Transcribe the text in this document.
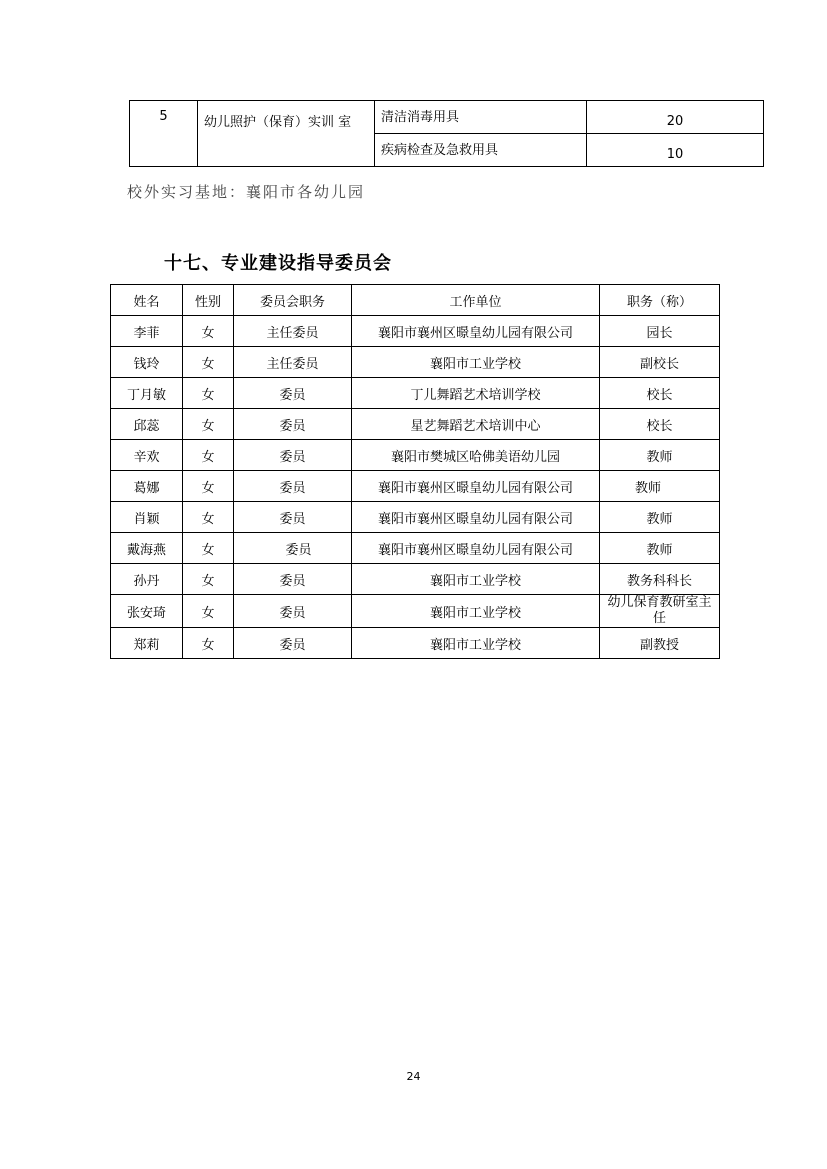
5	幼儿照护（保育）实训 室	清洁消毒用具	20
		疾病检查及急救用具	10
校外实习基地：襄阳市各幼儿园
十七、专业建设指导委员会
姓名	性别	委员会职务	工作单位	职务（称）
李菲	女	主任委员	襄阳市襄州区暻皇幼儿园有限公司	园长
钱玲	女	主任委员	襄阳市工业学校	副校长
丁月敏	女	委员	丁儿舞蹈艺术培训学校	校长
邱蕊	女	委员	星艺舞蹈艺术培训中心	校长
辛欢	女	委员	襄阳市樊城区哈佛美语幼儿园	教师
葛娜	女	委员	襄阳市襄州区暻皇幼儿园有限公司	教师
肖颖	女	委员	襄阳市襄州区暻皇幼儿园有限公司	教师
戴海燕	女	委员	襄阳市襄州区暻皇幼儿园有限公司	教师
孙丹	女	委员	襄阳市工业学校	教务科科长
张安琦	女	委员	襄阳市工业学校	幼儿保育教研室主任
郑莉	女	委员	襄阳市工业学校	副教授
24
